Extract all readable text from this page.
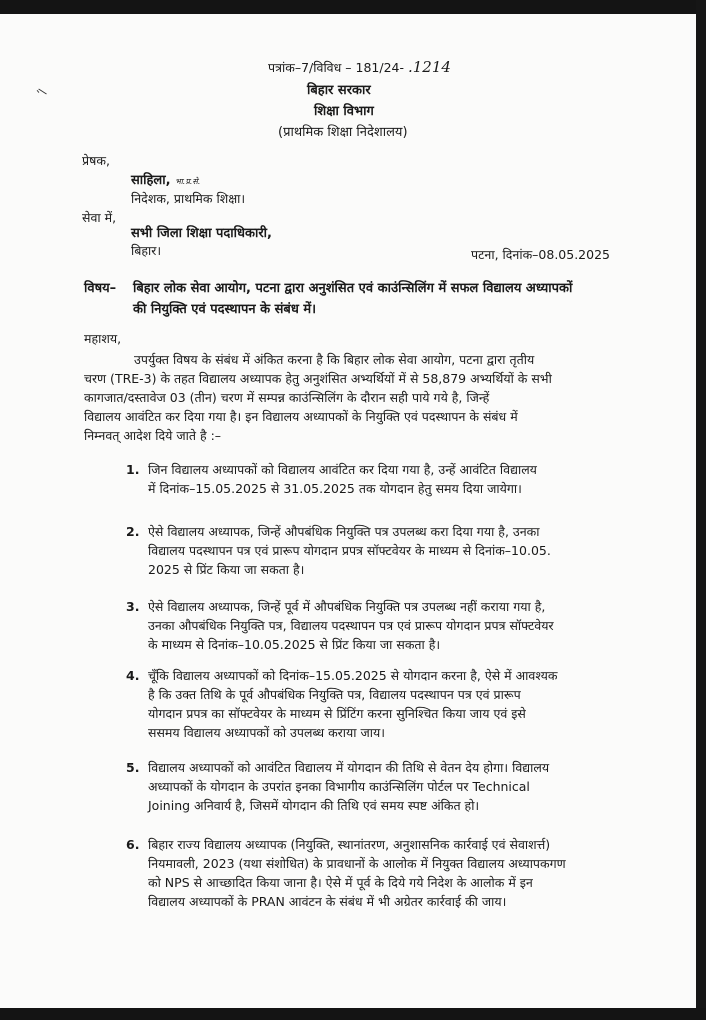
'\
पत्रांक–7/विविध – 181/24- .1214
बिहार सरकार
शिक्षा विभाग
(प्राथमिक शिक्षा निदेशालय)
प्रेषक,
साहिला, भा.प्र.से.
निदेशक, प्राथमिक शिक्षा।
सेवा में,
सभी जिला शिक्षा पदाधिकारी,
बिहार।	पटना, दिनांक–08.05.2025
विषय– बिहार लोक सेवा आयोग, पटना द्वारा अनुशंसित एवं काउंन्सिलिंग में सफल विद्यालय अध्यापकों
की नियुक्ति एवं पदस्थापन के संबंध में।
महाशय,
उपर्युक्त विषय के संबंध में अंकित करना है कि बिहार लोक सेवा आयोग, पटना द्वारा तृतीय
चरण (TRE-3) के तहत विद्यालय अध्यापक हेतु अनुशंसित अभ्यर्थियों में से 58,879 अभ्यर्थियों के सभी
कागजात/दस्तावेज 03 (तीन) चरण में सम्पन्न काउंन्सिलिंग के दौरान सही पाये गये है, जिन्हें
विद्यालय आवंटित कर दिया गया है। इन विद्यालय अध्यापकों के नियुक्ति एवं पदस्थापन के संबंध में
निम्नवत् आदेश दिये जाते है :–
1. जिन विद्यालय अध्यापकों को विद्यालय आवंटित कर दिया गया है, उन्हें आवंटित विद्यालय
में दिनांक–15.05.2025 से 31.05.2025 तक योगदान हेतु समय दिया जायेगा।
2. ऐसे विद्यालय अध्यापक, जिन्हें औपबंधिक नियुक्ति पत्र उपलब्ध करा दिया गया है, उनका
विद्यालय पदस्थापन पत्र एवं प्रारूप योगदान प्रपत्र सॉफ्टवेयर के माध्यम से दिनांक–10.05.
2025 से प्रिंट किया जा सकता है।
3. ऐसे विद्यालय अध्यापक, जिन्हें पूर्व में औपबंधिक नियुक्ति पत्र उपलब्ध नहीं कराया गया है,
उनका औपबंधिक नियुक्ति पत्र, विद्यालय पदस्थापन पत्र एवं प्रारूप योगदान प्रपत्र सॉफ्टवेयर
के माध्यम से दिनांक–10.05.2025 से प्रिंट किया जा सकता है।
4. चूँकि विद्यालय अध्यापकों को दिनांक–15.05.2025 से योगदान करना है, ऐसे में आवश्यक
है कि उक्त तिथि के पूर्व औपबंधिक नियुक्ति पत्र, विद्यालय पदस्थापन पत्र एवं प्रारूप
योगदान प्रपत्र का सॉफ्टवेयर के माध्यम से प्रिंटिंग करना सुनिश्चित किया जाय एवं इसे
ससमय विद्यालय अध्यापकों को उपलब्ध कराया जाय।
5. विद्यालय अध्यापकों को आवंटित विद्यालय में योगदान की तिथि से वेतन देय होगा। विद्यालय
अध्यापकों के योगदान के उपरांत इनका विभागीय काउंन्सिलिंग पोर्टल पर Technical
Joining अनिवार्य है, जिसमें योगदान की तिथि एवं समय स्पष्ट अंकित हो।
6. बिहार राज्य विद्यालय अध्यापक (नियुक्ति, स्थानांतरण, अनुशासनिक कार्रवाई एवं सेवाशर्त्त)
नियमावली, 2023 (यथा संशोधित) के प्रावधानों के आलोक में नियुक्त विद्यालय अध्यापकगण
को NPS से आच्छादित किया जाना है। ऐसे में पूर्व के दिये गये निदेश के आलोक में इन
विद्यालय अध्यापकों के PRAN आवंटन के संबंध में भी अग्रेतर कार्रवाई की जाय।
